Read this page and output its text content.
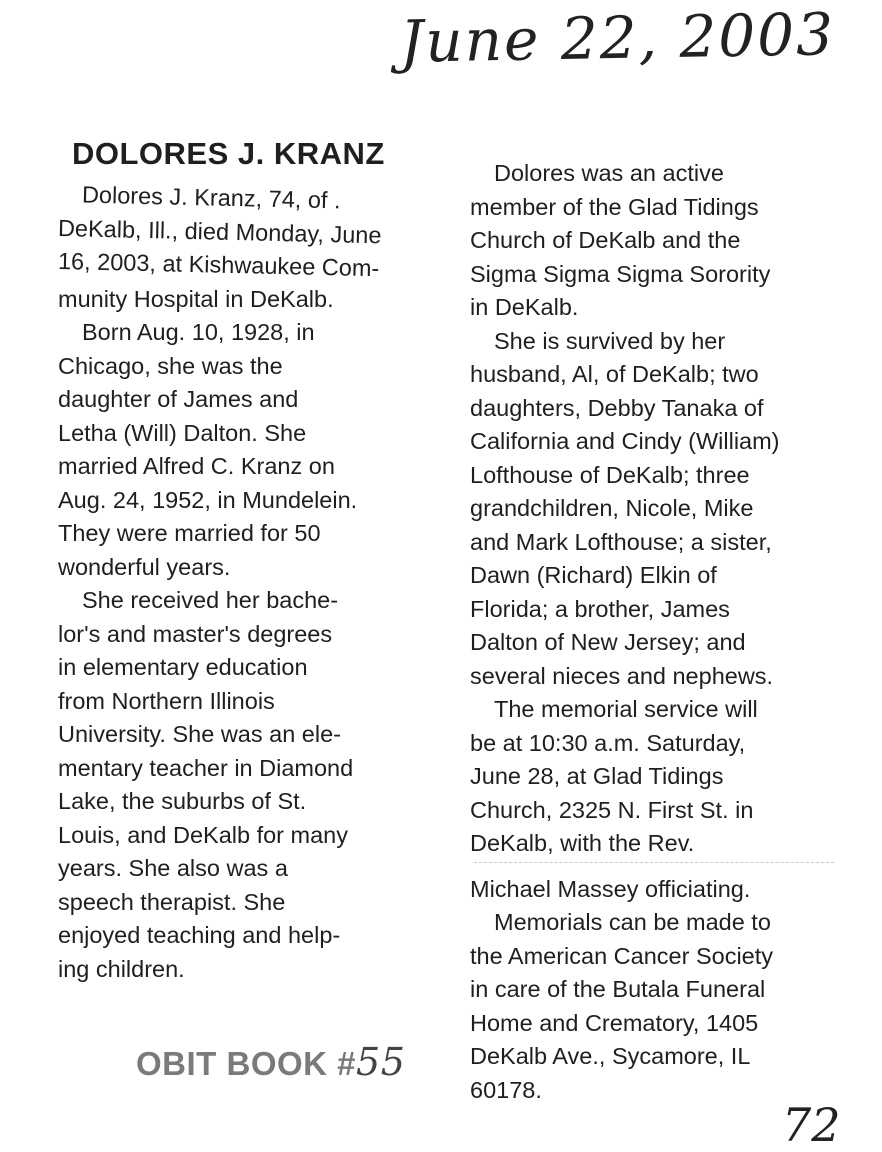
June 22, 2003
DOLORES J. KRANZ
Dolores J. Kranz, 74, of .
DeKalb, Ill., died Monday, June
16, 2003, at Kishwaukee Com-
munity Hospital in DeKalb.
Born Aug. 10, 1928, in
Chicago, she was the
daughter of James and
Letha (Will) Dalton. She
married Alfred C. Kranz on
Aug. 24, 1952, in Mundelein.
They were married for 50
wonderful years.
She received her bache-
lor's and master's degrees
in elementary education
from Northern Illinois
University. She was an ele-
mentary teacher in Diamond
Lake, the suburbs of St.
Louis, and DeKalb for many
years. She also was a
speech therapist. She
enjoyed teaching and help-
ing children.
Dolores was an active
member of the Glad Tidings
Church of DeKalb and the
Sigma Sigma Sigma Sorority
in DeKalb.
She is survived by her
husband, Al, of DeKalb; two
daughters, Debby Tanaka of
California and Cindy (William)
Lofthouse of DeKalb; three
grandchildren, Nicole, Mike
and Mark Lofthouse; a sister,
Dawn (Richard) Elkin of
Florida; a brother, James
Dalton of New Jersey; and
several nieces and nephews.
The memorial service will
be at 10:30 a.m. Saturday,
June 28, at Glad Tidings
Church, 2325 N. First St. in
DeKalb, with the Rev.
Michael Massey officiating.
Memorials can be made to
the American Cancer Society
in care of the Butala Funeral
Home and Crematory, 1405
DeKalb Ave., Sycamore, IL
60178.
OBIT BOOK #55
72
